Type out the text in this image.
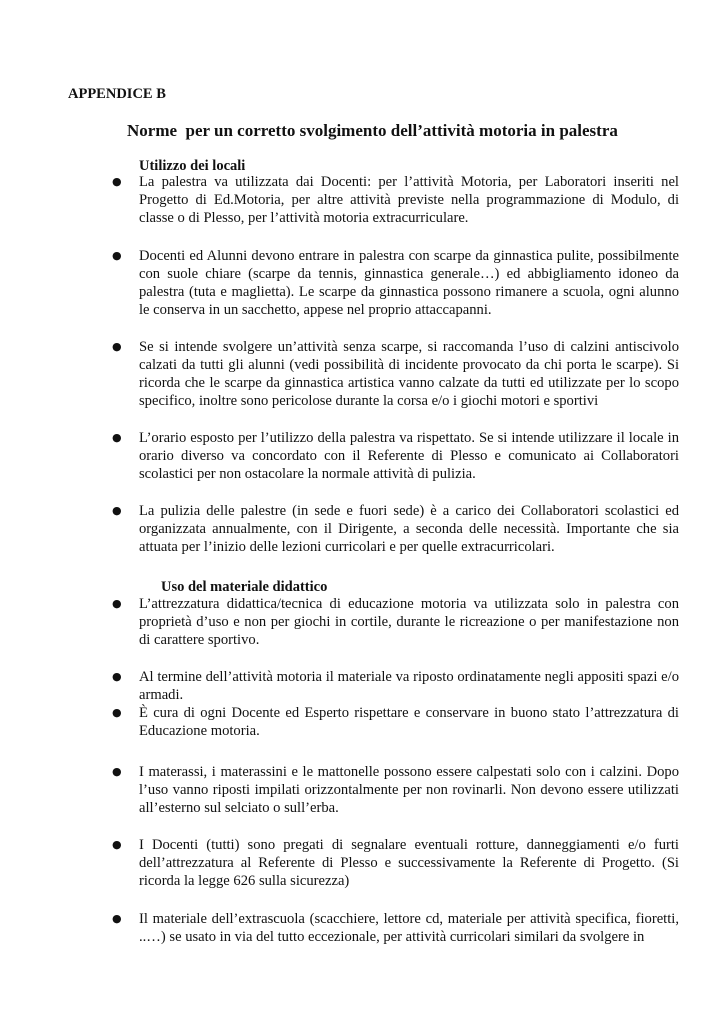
APPENDICE B
Norme  per un corretto svolgimento dell’attività motoria in palestra
Utilizzo dei locali
●	La palestra va utilizzata dai Docenti: per l’attività Motoria, per Laboratori inseriti nel Progetto di Ed.Motoria, per altre attività previste nella programmazione di Modulo, di classe o di Plesso, per l’attività motoria extracurriculare.
●	Docenti ed Alunni devono entrare in palestra con scarpe da ginnastica pulite, possibilmente con suole chiare (scarpe da tennis, ginnastica generale…) ed abbigliamento idoneo da palestra (tuta e maglietta). Le scarpe da ginnastica possono rimanere a scuola, ogni alunno le conserva in un sacchetto, appese nel proprio attaccapanni.
●	Se si intende svolgere un’attività senza scarpe, si raccomanda l’uso di calzini antiscivolo calzati da tutti gli alunni (vedi possibilità di incidente provocato da chi porta le scarpe). Si ricorda che le scarpe da ginnastica artistica vanno calzate da tutti ed utilizzate per lo scopo specifico, inoltre sono pericolose durante la corsa e/o i giochi motori e sportivi
●	L’orario esposto per l’utilizzo della palestra va rispettato. Se si intende utilizzare il locale in orario diverso va concordato con il Referente di Plesso e comunicato ai Collaboratori scolastici per non ostacolare la normale attività di pulizia.
●	La pulizia delle palestre (in sede e fuori sede) è a carico dei Collaboratori scolastici ed organizzata annualmente, con il Dirigente, a seconda delle necessità. Importante che sia attuata per l’inizio delle lezioni curricolari e per quelle extracurricolari.
Uso del materiale didattico
●	L’attrezzatura didattica/tecnica di educazione motoria va utilizzata solo in palestra con proprietà d’uso e non per giochi in cortile, durante le ricreazione o per manifestazione non di carattere sportivo.
●	Al termine dell’attività motoria il materiale va riposto ordinatamente negli appositi spazi e/o armadi.
●	È cura di ogni Docente ed Esperto rispettare e conservare in buono stato l’attrezzatura di Educazione motoria.
●	I materassi, i materassini e le mattonelle possono essere calpestati solo con i calzini. Dopo l’uso vanno riposti impilati orizzontalmente per non rovinarli. Non devono essere utilizzati all’esterno sul selciato o sull’erba.
●	I Docenti (tutti) sono pregati di segnalare eventuali rotture, danneggiamenti e/o furti dell’attrezzatura al Referente di Plesso e successivamente la Referente di Progetto. (Si ricorda la legge 626 sulla sicurezza)
●	Il materiale dell’extrascuola (scacchiere, lettore cd, materiale per attività specifica, fioretti, ..…) se usato in via del tutto eccezionale, per attività curricolari similari da svolgere in
